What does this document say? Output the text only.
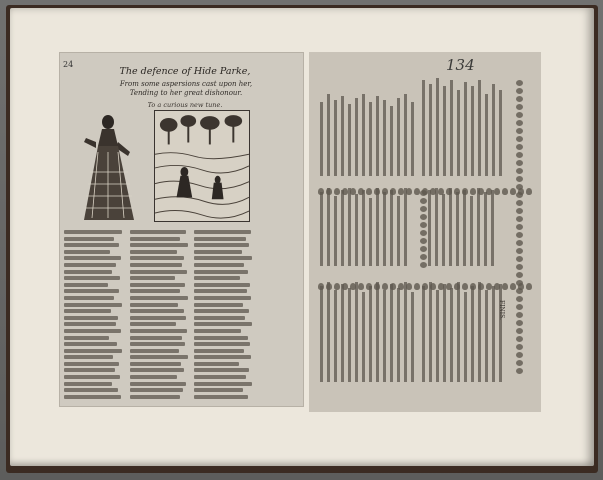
24
The defence of Hide Parke,
From some aspersions cast upon her,
Tending to her great dishonour.
To a curious new tune.
134
FINIS.
